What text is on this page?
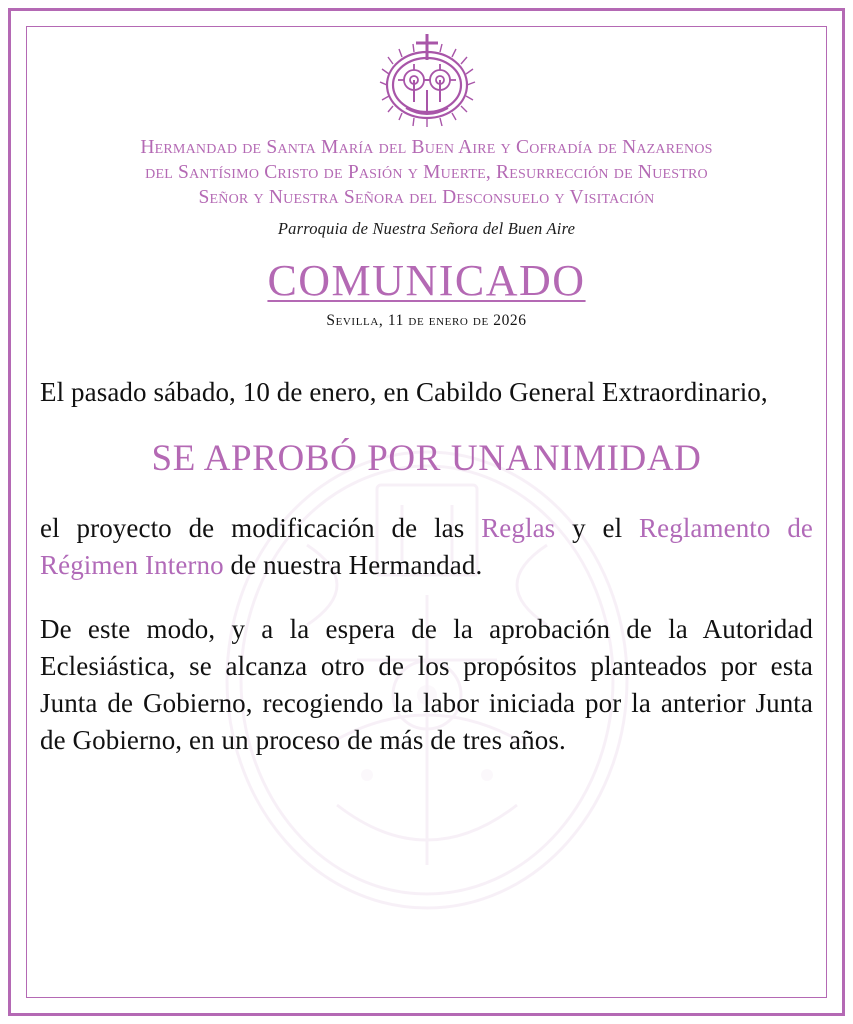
Hermandad de Santa María del Buen Aire y Cofradía de Nazarenos
del Santísimo Cristo de Pasión y Muerte, Resurrección de Nuestro
Señor y Nuestra Señora del Desconsuelo y Visitación
Parroquia de Nuestra Señora del Buen Aire
COMUNICADO
Sevilla, 11 de enero de 2026

El pasado sábado, 10 de enero, en Cabildo General Extraordinario,

SE APROBÓ POR UNANIMIDAD

el proyecto de modificación de las Reglas y el Reglamento de Régimen Interno de nuestra Hermandad.

De este modo, y a la espera de la aprobación de la Autoridad Eclesiástica, se alcanza otro de los propósitos planteados por esta Junta de Gobierno, recogiendo la labor iniciada por la anterior Junta de Gobierno, en un proceso de más de tres años.
